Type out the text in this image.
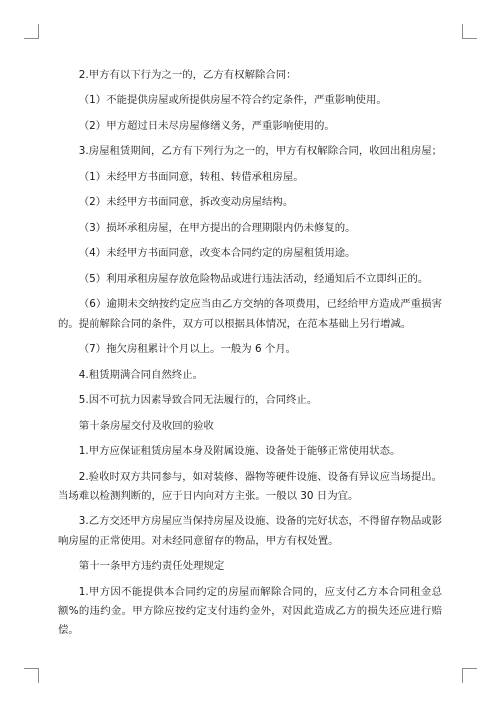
2.甲方有以下行为之一的，乙方有权解除合同：

（1）不能提供房屋或所提供房屋不符合约定条件，严重影响使用。

（2）甲方超过日未尽房屋修缮义务，严重影响使用的。

3.房屋租赁期间，乙方有下列行为之一的，甲方有权解除合同，收回出租房屋；

（1）未经甲方书面同意，转租、转借承租房屋。

（2）未经甲方书面同意，拆改变动房屋结构。

（3）损坏承租房屋，在甲方提出的合理期限内仍未修复的。

（4）未经甲方书面同意，改变本合同约定的房屋租赁用途。

（5）利用承租房屋存放危险物品或进行违法活动，经通知后不立即纠正的。

（6）逾期未交纳按约定应当由乙方交纳的各项费用，已经给甲方造成严重损害的。提前解除合同的条件，双方可以根据具体情况，在范本基础上另行增减。

（7）拖欠房租累计个月以上。一般为 6 个月。

4.租赁期满合同自然终止。

5.因不可抗力因素导致合同无法履行的，合同终止。

第十条房屋交付及收回的验收

1.甲方应保证租赁房屋本身及附属设施、设备处于能够正常使用状态。

2.验收时双方共同参与，如对装修、器物等硬件设施、设备有异议应当场提出。当场难以检测判断的，应于日内向对方主张。一般以 30 日为宜。

3.乙方交还甲方房屋应当保持房屋及设施、设备的完好状态，不得留存物品或影响房屋的正常使用。对未经同意留存的物品，甲方有权处置。

第十一条甲方违约责任处理规定

1.甲方因不能提供本合同约定的房屋而解除合同的，应支付乙方本合同租金总额%的违约金。甲方除应按约定支付违约金外，对因此造成乙方的损失还应进行赔偿。
